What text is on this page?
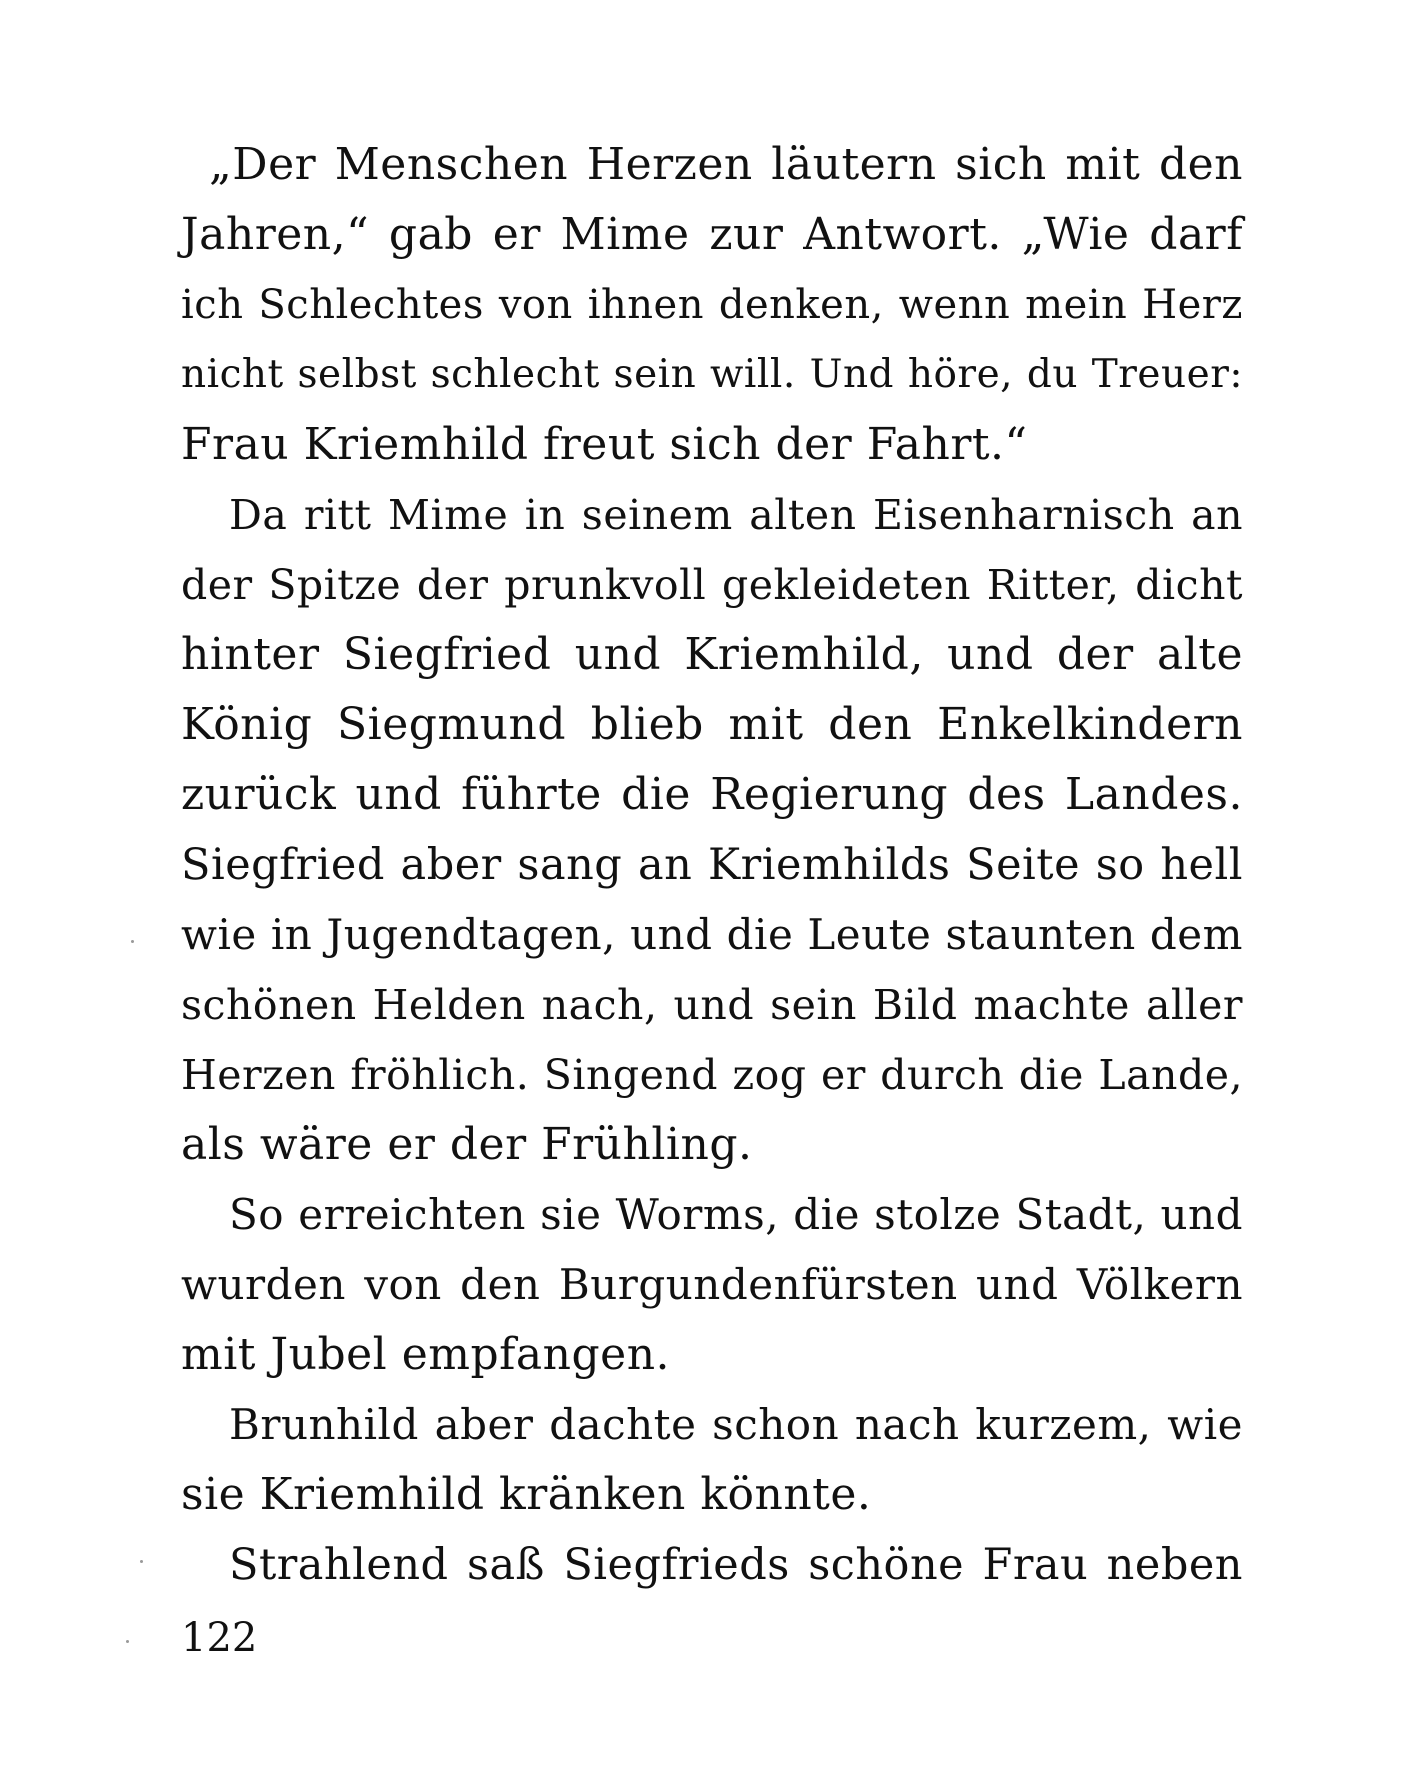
„Der Menschen Herzen läutern sich mit den
Jahren,“ gab er Mime zur Antwort. „Wie darf
ich Schlechtes von ihnen denken, wenn mein Herz
nicht selbst schlecht sein will. Und höre, du Treuer:
Frau Kriemhild freut sich der Fahrt.“
Da ritt Mime in seinem alten Eisenharnisch an
der Spitze der prunkvoll gekleideten Ritter, dicht
hinter Siegfried und Kriemhild, und der alte
König Siegmund blieb mit den Enkelkindern
zurück und führte die Regierung des Landes.
Siegfried aber sang an Kriemhilds Seite so hell
wie in Jugendtagen, und die Leute staunten dem
schönen Helden nach, und sein Bild machte aller
Herzen fröhlich. Singend zog er durch die Lande,
als wäre er der Frühling.
So erreichten sie Worms, die stolze Stadt, und
wurden von den Burgundenfürsten und Völkern
mit Jubel empfangen.
Brunhild aber dachte schon nach kurzem, wie
sie Kriemhild kränken könnte.
Strahlend saß Siegfrieds schöne Frau neben
122
